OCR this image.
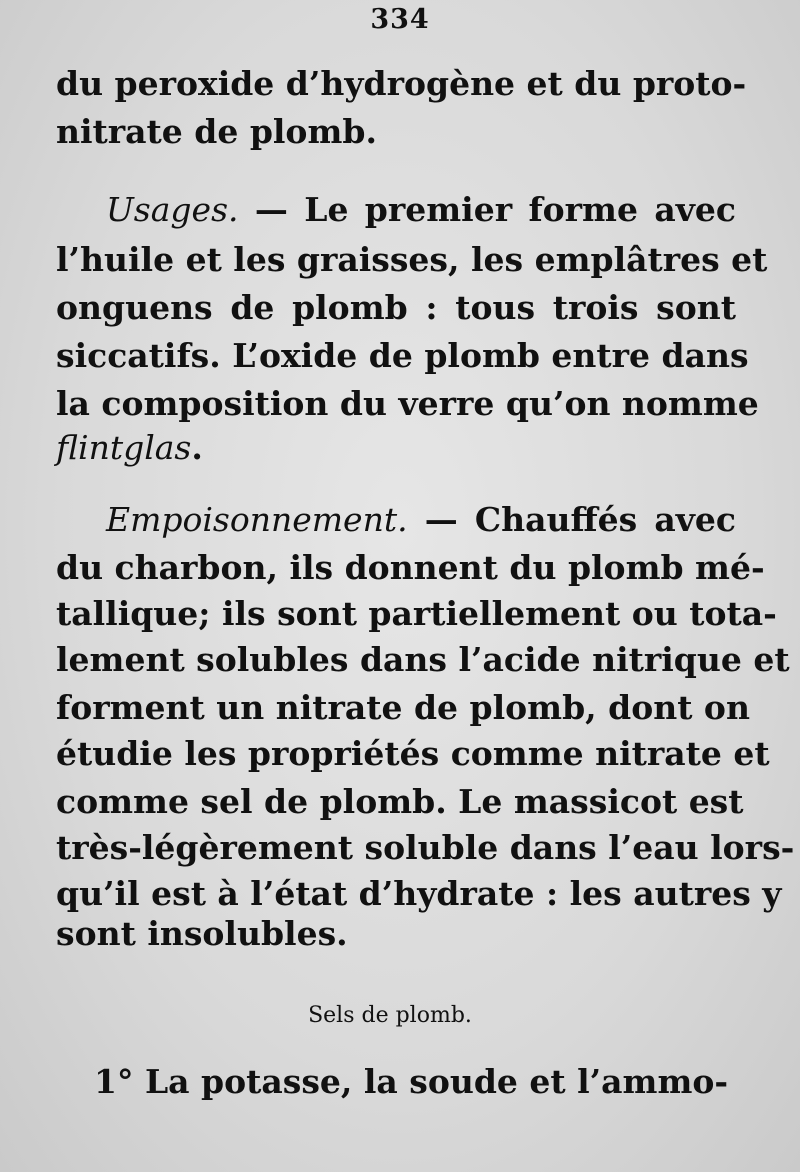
334
du peroxide d’hydrogène et du proto-
nitrate de plomb.
Usages. — Le premier forme avec
l’huile et les graisses, les emplâtres et
onguens de plomb : tous trois sont
siccatifs. L’oxide de plomb entre dans
la composition du verre qu’on nomme
flintglas.
Empoisonnement. — Chauffés avec
du charbon, ils donnent du plomb mé-
tallique; ils sont partiellement ou tota-
lement solubles dans l’acide nitrique et
forment un nitrate de plomb, dont on
étudie les propriétés comme nitrate et
comme sel de plomb. Le massicot est
très-légèrement soluble dans l’eau lors-
qu’il est à l’état d’hydrate : les autres y
sont insolubles.
Sels de plomb.
1° La potasse, la soude et l’ammo-
